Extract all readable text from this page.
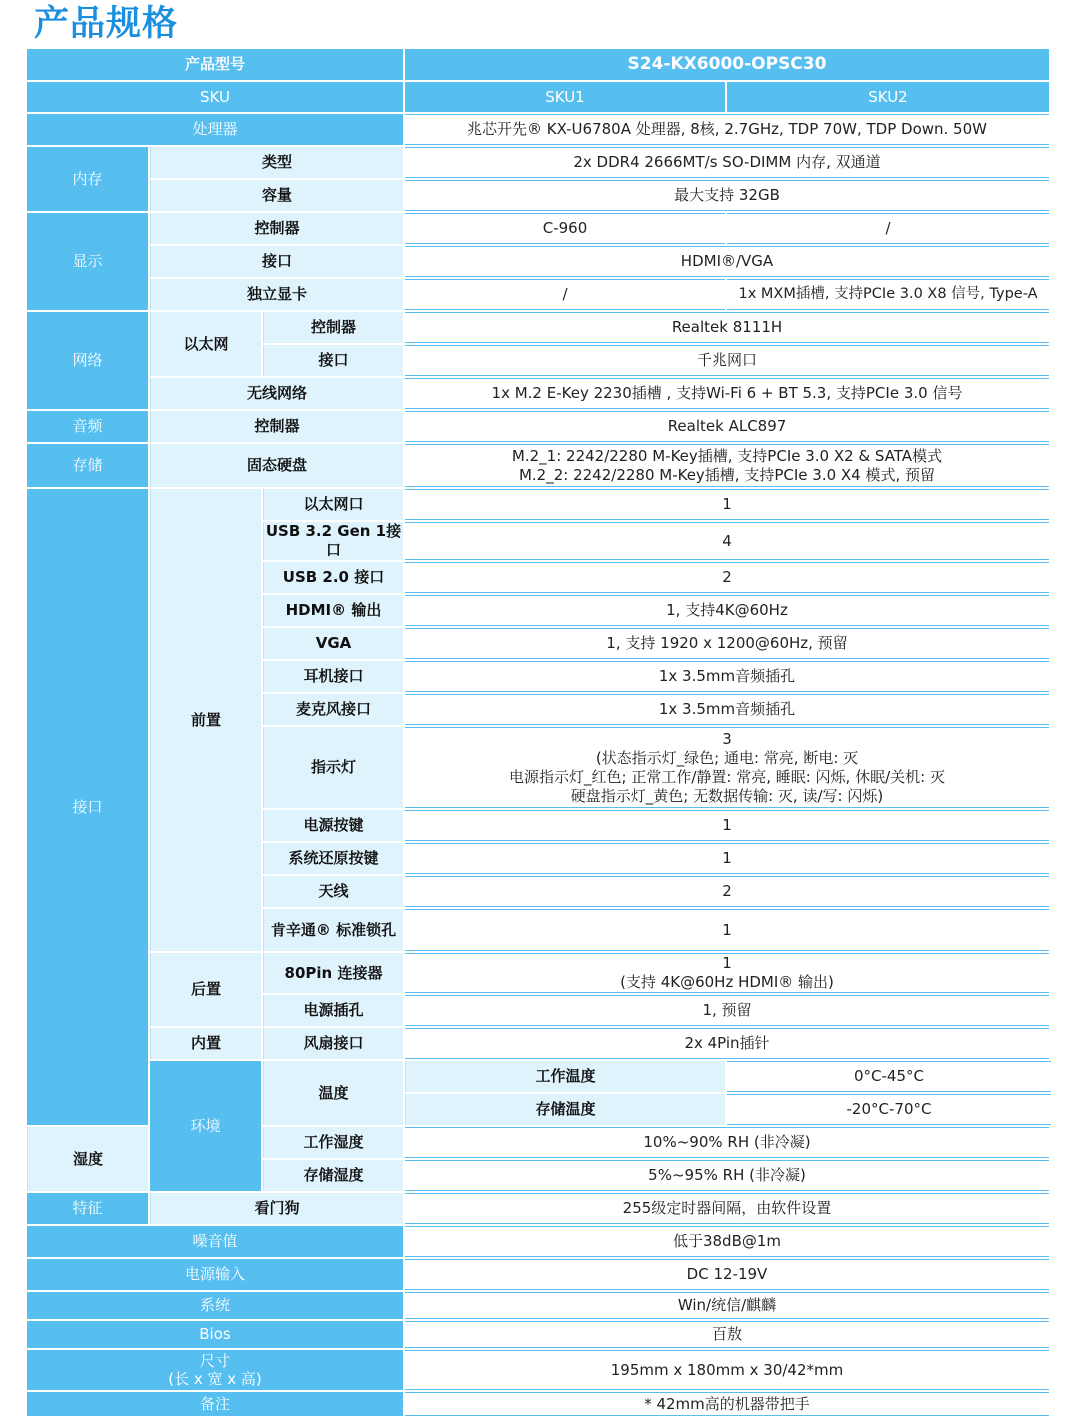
产品规格
产品型号			S24-KX6000-OPSC30	
SKU			SKU1	SKU2
处理器			兆芯开先® KX-U6780A 处理器, 8核, 2.7GHz, TDP 70W, TDP Down. 50W	
内存	类型		2x DDR4 2666MT/s SO-DIMM 内存, 双通道	
	容量		最大支持 32GB	
显示	控制器		C-960	/
	接口		HDMI®/VGA	
	独立显卡		/	1x MXM插槽, 支持PCIe 3.0 X8 信号, Type-A
网络	以太网	控制器	Realtek 8111H	
		接口	千兆网口	
	无线网络		1x M.2 E-Key 2230插槽 , 支持Wi-Fi 6 + BT 5.3, 支持PCIe 3.0 信号	
音频	控制器		Realtek ALC897	
存储	固态硬盘		M.2_1: 2242/2280 M-Key插槽, 支持PCIe 3.0 X2 & SATA模式
M.2_2: 2242/2280 M-Key插槽, 支持PCIe 3.0 X4 模式, 预留	

接口	前置	以太网口	1	
		USB 3.2 Gen 1接口	4	
		USB 2.0 接口	2	
		HDMI® 输出	1, 支持4K@60Hz	
		VGA	1, 支持 1920 x 1200@60Hz, 预留	
		耳机接口	1x 3.5mm音频插孔	
		麦克风接口	1x 3.5mm音频插孔	
		指示灯	3
(状态指示灯_绿色; 通电: 常亮, 断电: 灭
电源指示灯_红色; 正常工作/静置: 常亮, 睡眠: 闪烁, 休眠/关机: 灭
硬盘指示灯_黄色; 无数据传输: 灭, 读/写: 闪烁)	

		电源按键	1	
		系统还原按键	1	
		天线	2	
		肯辛通® 标准锁孔	1	
	后置	80Pin 连接器	1
(支持 4K@60Hz HDMI® 输出)	

		电源插孔	1, 预留	
	内置	风扇接口	2x 4Pin插针	
	环境	温度	工作温度	0°C-45°C
			存储温度	-20°C-70°C
湿度		工作湿度	10%~90% RH (非冷凝)	
		存储湿度	5%~95% RH (非冷凝)	
特征	看门狗		255级定时器间隔，由软件设置	
噪音值			低于38dB@1m	
电源输入			DC 12-19V	
系统			Win/统信/麒麟	
Bios			百敖	

尺寸
(长 x 宽 x 高)			195mm x 180mm x 30/42*mm	
备注			* 42mm高的机器带把手	
